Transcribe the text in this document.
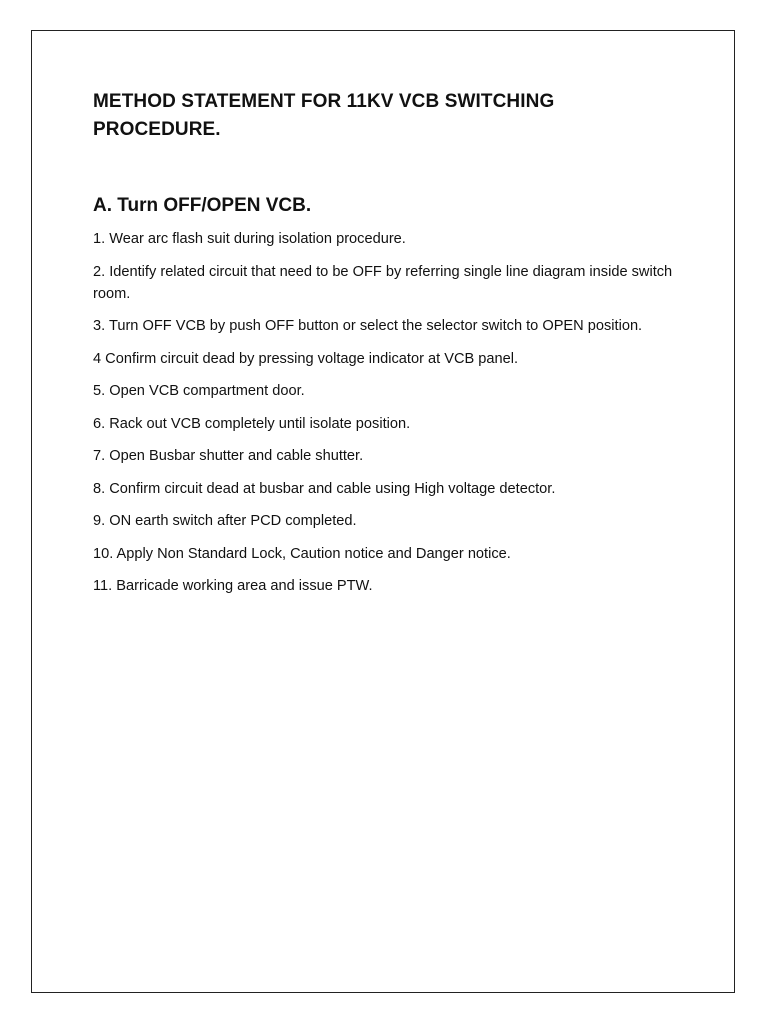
METHOD STATEMENT FOR 11KV VCB SWITCHING PROCEDURE.
A. Turn OFF/OPEN VCB.
1. Wear arc flash suit during isolation procedure.
2. Identify related circuit that need to be OFF by referring single line diagram inside switch room.
3. Turn OFF VCB by push OFF button or select the selector switch to OPEN position.
4 Confirm circuit dead by pressing voltage indicator at VCB panel.
5. Open VCB compartment door.
6. Rack out VCB completely until isolate position.
7. Open Busbar shutter and cable shutter.
8. Confirm circuit dead at busbar and cable using High voltage detector.
9. ON earth switch after PCD completed.
10. Apply Non Standard Lock, Caution notice and Danger notice.
11. Barricade working area and issue PTW.
